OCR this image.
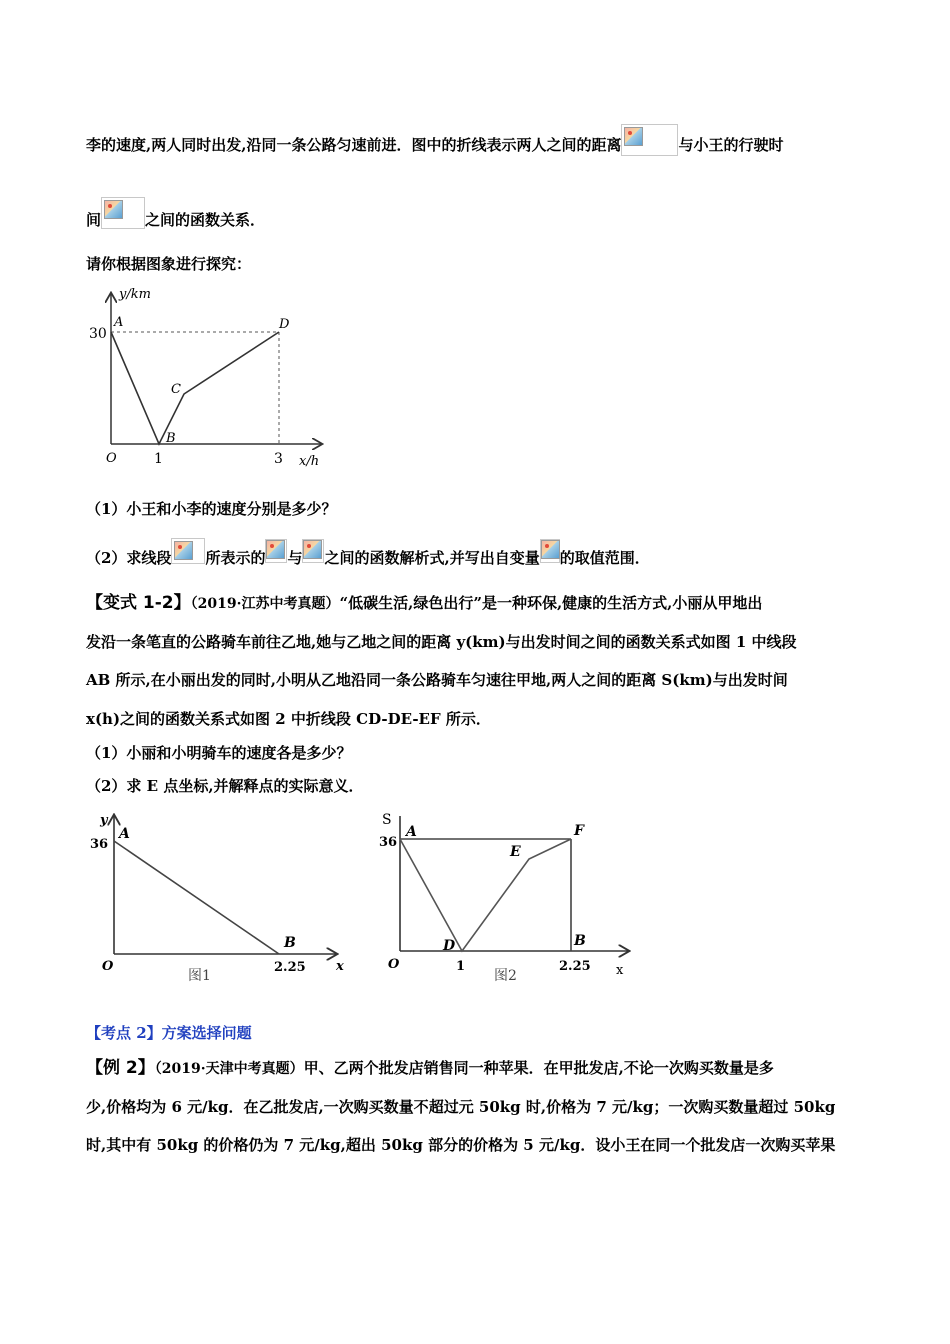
李的速度,两人同时出发,沿同一条公路匀速前进．图中的折线表示两人之间的距离	与小王的行驶时
间	之间的函数关系．
请你根据图象进行探究：
y/km
x/h
O
30
1	3
A
B
C
D
（1）小王和小李的速度分别是多少？
（2）求线段 所表示的 与 之间的函数解析式,并写出自变量 的取值范围．
【变式 1-2】（2019·江苏中考真题）“低碳生活,绿色出行”是一种环保,健康的生活方式,小丽从甲地出
发沿一条笔直的公路骑车前往乙地,她与乙地之间的距离 y(km)与出发时间之间的函数关系式如图 1 中线段
AB 所示,在小丽出发的同时,小明从乙地沿同一条公路骑车匀速往甲地,两人之间的距离 S(km)与出发时间
x(h)之间的函数关系式如图 2 中折线段 CD-DE-EF 所示．
（1）小丽和小明骑车的速度各是多少？
（2）求 E 点坐标,并解释点的实际意义．
y
A
36
O
B
2.25 x
图1
S
A
36
E
F
D	B
O	1	2.25 x
图2
【考点 2】方案选择问题
【例 2】（2019·天津中考真题）甲、乙两个批发店销售同一种苹果．在甲批发店,不论一次购买数量是多
少,价格均为 6 元/kg．在乙批发店,一次购买数量不超过元 50kg 时,价格为 7 元/kg；一次购买数量超过 50kg
时,其中有 50kg 的价格仍为 7 元/kg,超出 50kg 部分的价格为 5 元/kg．设小王在同一个批发店一次购买苹果
